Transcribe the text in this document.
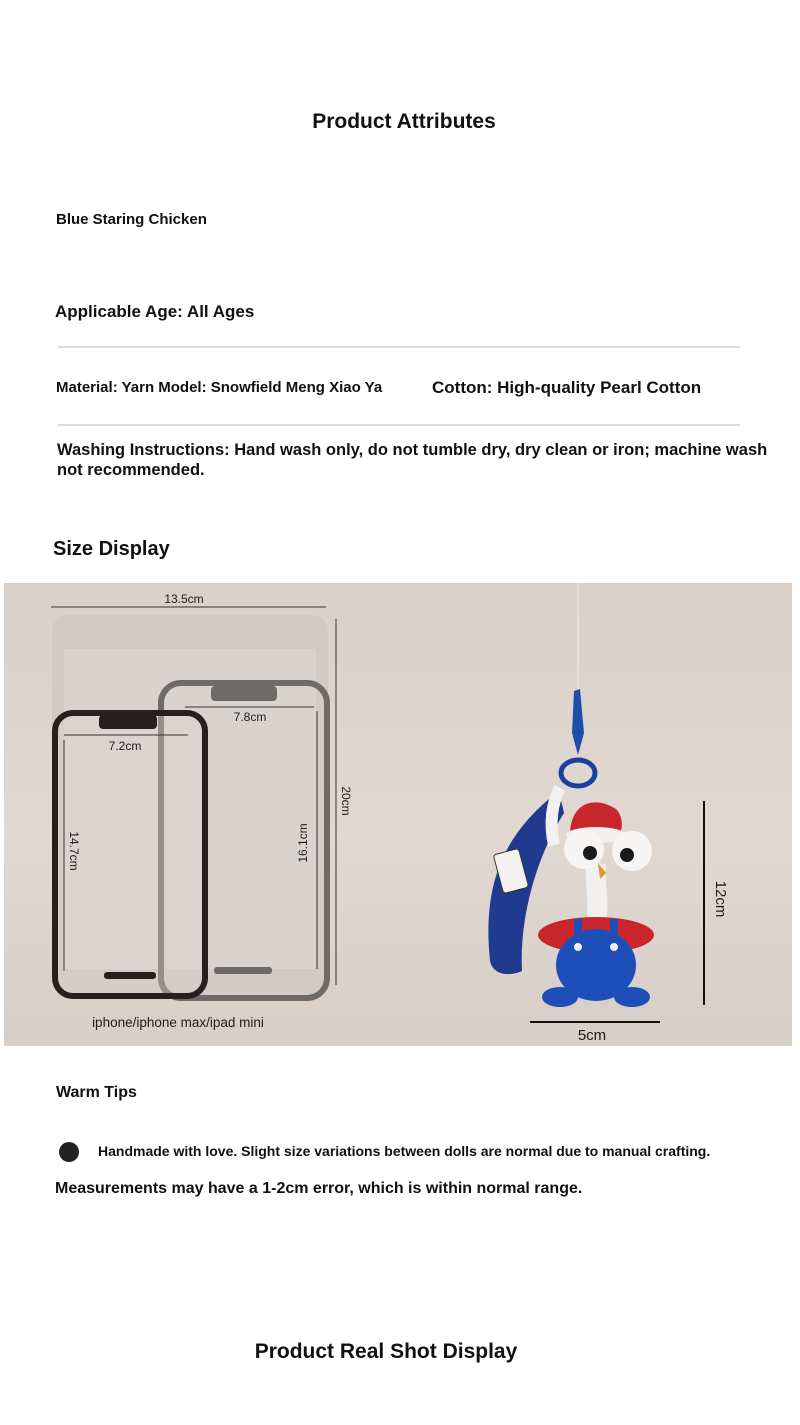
Product Attributes
Blue Staring Chicken
Applicable Age: All Ages
Material: Yarn Model: Snowfield Meng Xiao Ya	Cotton: High-quality Pearl Cotton
Washing Instructions: Hand wash only, do not tumble dry, dry clean or iron; machine wash not recommended.
Size Display
13.5cm
20cm
7.8cm
16.1cm
7.2cm
14.7cm
iphone/iphone max/ipad mini
12cm
5cm
Warm Tips
Handmade with love. Slight size variations between dolls are normal due to manual crafting.
Measurements may have a 1-2cm error, which is within normal range.
Product Real Shot Display
